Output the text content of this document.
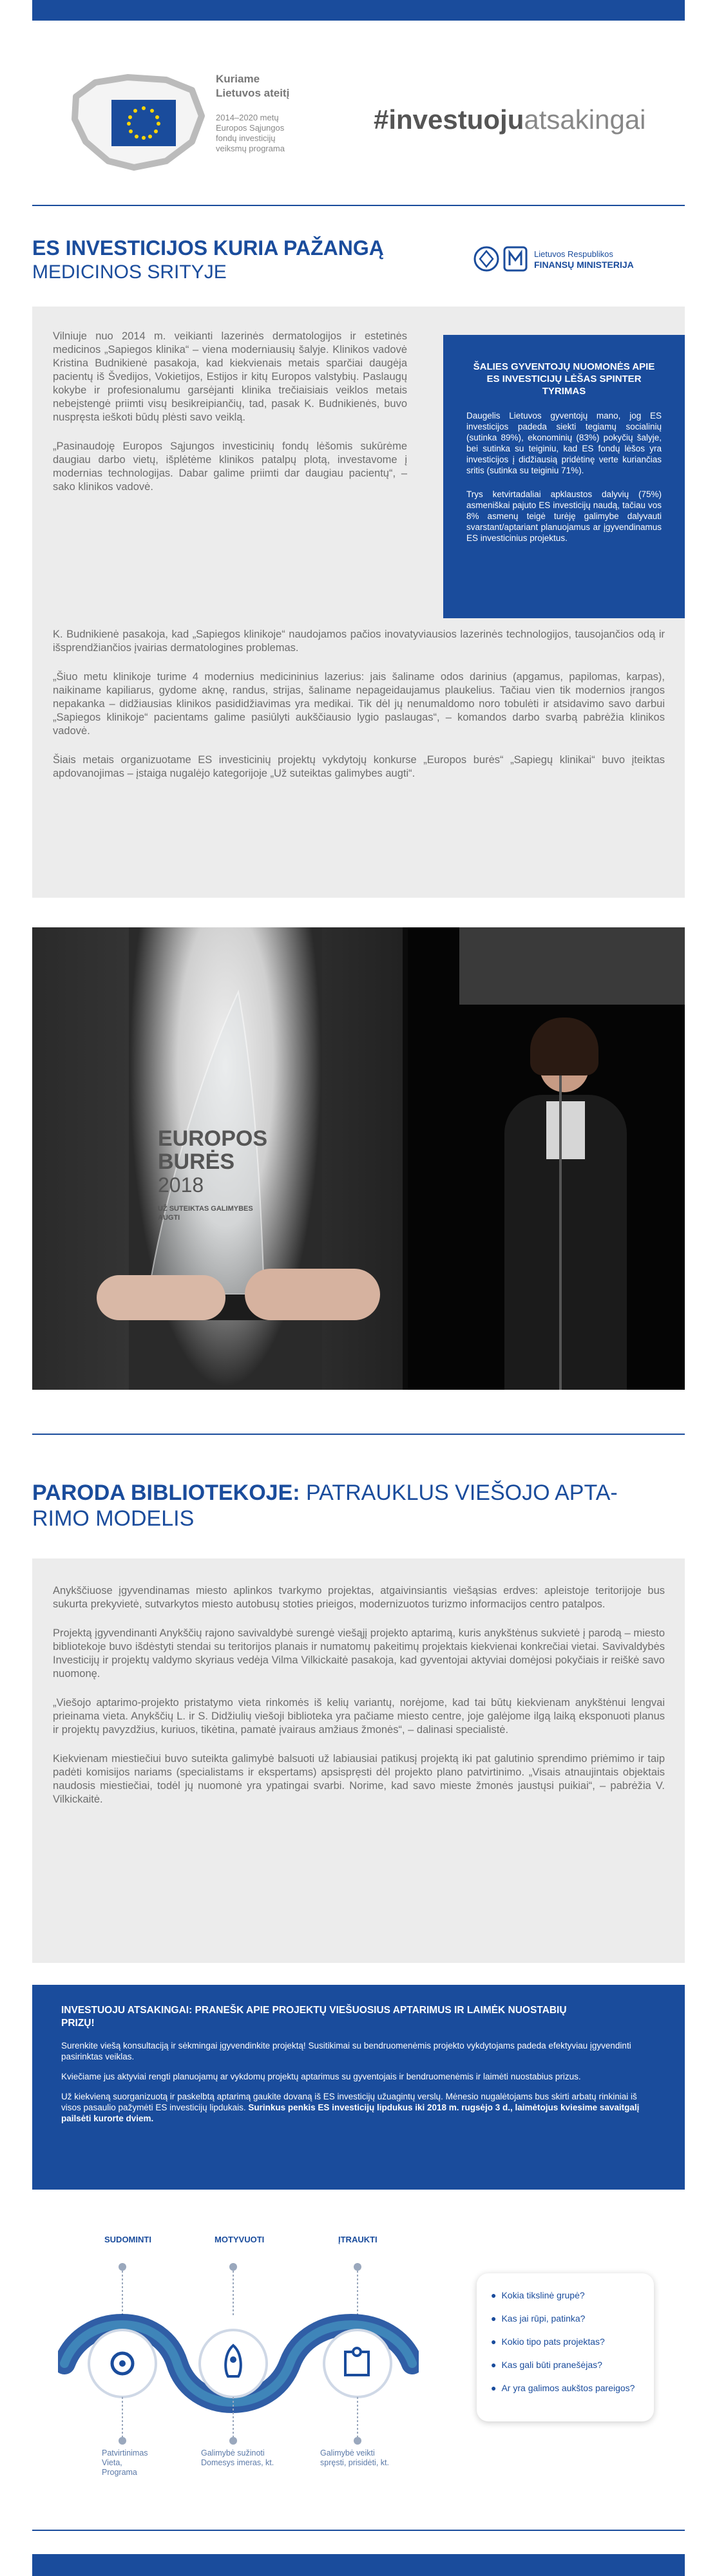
Kuriame
Lietuvos ateitį
2014–2020 metų
Europos Sąjungos
fondų investicijų
veiksmų programa
#investuojuatsakingai
ES INVESTICIJOS KURIA PAŽANGĄ
MEDICINOS SRITYJE
Lietuvos Respublikos
FINANSŲ MINISTERIJA

Vilniuje nuo 2014 m. veikianti lazerinės dermatologijos ir estetinės medicinos „Sapiegos klinika“ – viena moderniausių šalyje. Klinikos vadovė Kristina Budnikienė pasakoja, kad kiekvienais metais sparčiai daugėja pacientų iš Švedijos, Vokietijos, Estijos ir kitų Europos valstybių. Paslaugų kokybe ir profesionalumu garsėjanti klinika trečiaisiais veiklos metais nebeįstengė priimti visų besikreipiančių, tad, pasak K. Budnikienės, buvo nuspręsta ieškoti būdų plėsti savo veiklą.

„Pasinaudoję Europos Sąjungos investicinių fondų lėšomis sukūrėme daugiau darbo vietų, išplėtėme klinikos patalpų plotą, investavome į modernias technologijas. Dabar galime priimti dar daugiau pacientų“, – sako klinikos vadovė.

K. Budnikienė pasakoja, kad „Sapiegos klinikoje“ naudojamos pačios inovatyviausios lazerinės technologijos, tausojančios odą ir išsprendžiančios įvairias dermatologines problemas.

„Šiuo metu klinikoje turime 4 modernius medicininius lazerius: jais šaliname odos darinius (apgamus, papilomas, karpas), naikiname kapiliarus, gydome aknę, randus, strijas, šaliname nepageidaujamus plaukelius. Tačiau vien tik modernios įrangos nepakanka – didžiausias klinikos pasididžiavimas yra medikai. Tik dėl jų nenumaldomo noro tobulėti ir atsidavimo savo darbui „Sapiegos klinikoje“ pacientams galime pasiūlyti aukščiausio lygio paslaugas“, – komandos darbo svarbą pabrėžia klinikos vadovė.

Šiais metais organizuotame ES investicinių projektų vykdytojų konkurse „Europos burės“ „Sapiegų klinikai“ buvo įteiktas apdovanojimas – įstaiga nugalėjo kategorijoje „Už suteiktas galimybes augti“.

ŠALIES GYVENTOJŲ NUOMONĖS APIE ES INVESTICIJŲ LĖŠAS SPINTER TYRIMAS

Daugelis Lietuvos gyventojų mano, jog ES investicijos padeda siekti tegiamų socialinių (sutinka 89%), ekonominių (83%) pokyčių šalyje, bei sutinka su teiginiu, kad ES fondų lėšos yra investicijos į didžiausią pridėtinę verte kuriančias sritis (sutinka su teiginiu 71%).

Trys ketvirtadaliai apklaustos dalyvių (75%) asmeniškai pajuto ES investicijų naudą, tačiau vos 8% asmenų teigė turėję galimybe dalyvauti svarstant/aptariant planuojamus ar įgyvendinamus ES investicinius projektus.

EUROPOS
BURĖS
2018
UŽ SUTEIKTAS GALIMYBES
AUGTI
PARODA BIBLIOTEKOJE: PATRAUKLUS VIEŠOJO APTA-
RIMO MODELIS

Anykščiuose įgyvendinamas miesto aplinkos tvarkymo projektas, atgaivinsiantis viešąsias erdves: apleistoje teritorijoje bus sukurta prekyvietė, sutvarkytos miesto autobusų stoties prieigos, modernizuotos turizmo informacijos centro patalpos.

Projektą įgyvendinanti Anykščių rajono savivaldybė surengė viešąjį projekto aptarimą, kuris anykštėnus sukvietė į parodą – miesto bibliotekoje buvo išdėstyti stendai su teritorijos planais ir numatomų pakeitimų projektais kiekvienai konkrečiai vietai. Savivaldybės Investicijų ir projektų valdymo skyriaus vedėja Vilma Vilkickaitė pasakoja, kad gyventojai aktyviai domėjosi pokyčiais ir reiškė savo nuomonę.

„Viešojo aptarimo-projekto pristatymo vieta rinkomės iš kelių variantų, norėjome, kad tai būtų kiekvienam anykštėnui lengvai prieinama vieta. Anykščių L. ir S. Didžiulių viešoji biblioteka yra pačiame miesto centre, joje galėjome ilgą laiką eksponuoti planus ir projektų pavyzdžius, kuriuos, tikėtina, pamatė įvairaus amžiaus žmonės“, – dalinasi specialistė.

Kiekvienam miestiečiui buvo suteikta galimybė balsuoti už labiausiai patikusį projektą iki pat galutinio sprendimo priėmimo ir taip padėti komisijos nariams (specialistams ir ekspertams) apsispręsti dėl projekto plano patvirtinimo. „Visais atnaujintais objektais naudosis miestiečiai, todėl jų nuomonė yra ypatingai svarbi. Norime, kad savo mieste žmonės jaustųsi puikiai“, – pabrėžia V. Vilkickaitė.

INVESTUOJU ATSAKINGAI: PRANEŠK APIE PROJEKTŲ VIEŠUOSIUS APTARIMUS IR LAIMĖK NUOSTABIŲ
PRIZŲ!

Surenkite viešą konsultaciją ir sėkmingai įgyvendinkite projektą! Susitikimai su bendruomenėmis projekto vykdytojams padeda efektyviau įgyvendinti pasirinktas veiklas.

Kviečiame jus aktyviai rengti planuojamų ar vykdomų projektų aptarimus su gyventojais ir bendruomenėmis ir laimėti nuostabius prizus.

Už kiekvieną suorganizuotą ir paskelbtą aptarimą gaukite dovaną iš ES investicijų užuagintų verslų. Mėnesio nugalėtojams bus skirti arbatų rinkiniai iš visos pasaulio pažymėti ES investicijų lipdukais. Surinkus penkis ES investicijų lipdukus iki 2018 m. rugsėjo 3 d., laimėtojus kviesime savaitgalį pailsėti kurorte dviem.

SUDOMINTI	MOTYVUOTI	ĮTRAUKTI
Patvirtinimas
Vieta,
Programa
Galimybė sužinoti
Domesys imeras, kt.
Galimybė veikti
spręsti, prisidėti, kt.
● Kokia tikslinė grupė?
● Kas jai rūpi, patinka?
● Kokio tipo pats projektas?
● Kas gali būti pranešėjas?
● Ar yra galimos aukštos pareigos?
